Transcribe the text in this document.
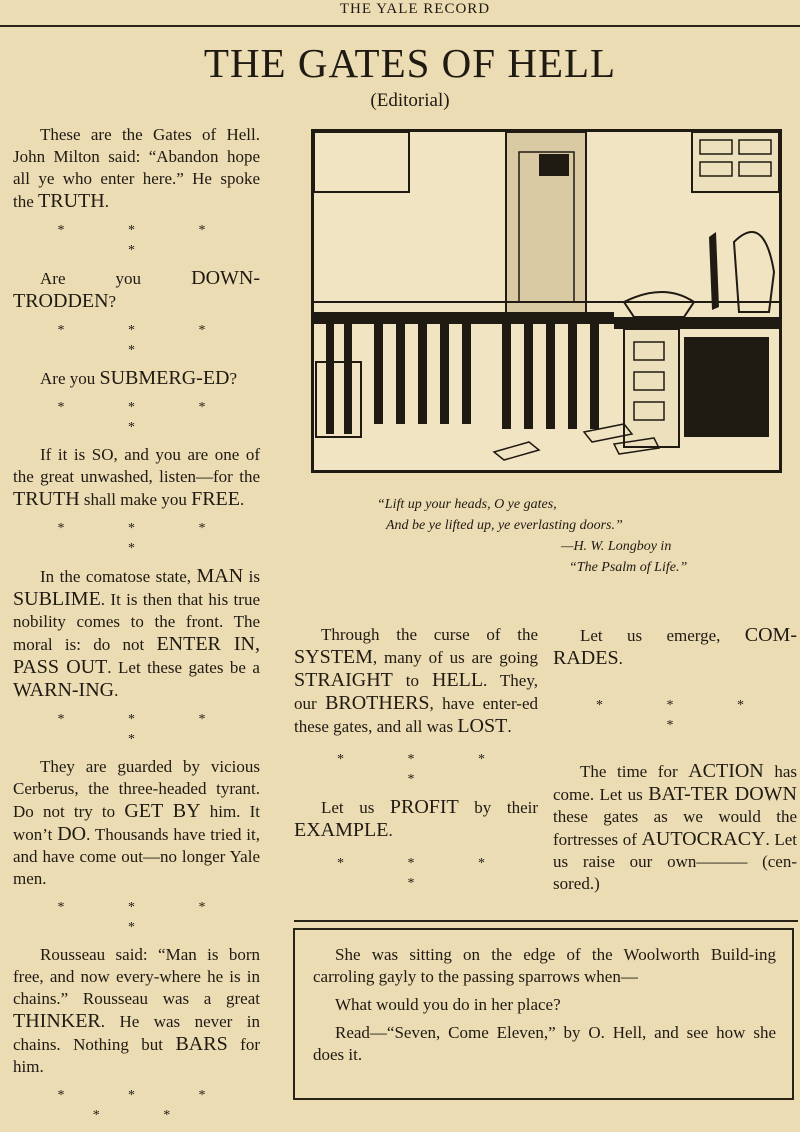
THE YALE RECORD
THE GATES OF HELL
(Editorial)

These are the Gates of Hell. John Milton said: “Abandon hope all ye who enter here.” He spoke the TRUTH.

* * * *

Are you DOWN-TRODDEN?

* * * *

Are you SUBMERG-ED?

* * * *

If it is SO, and you are one of the great unwashed, listen—for the TRUTH shall make you FREE.

* * * *

In the comatose state, MAN is SUBLIME. It is then that his true nobility comes to the front. The moral is: do not ENTER IN, PASS OUT. Let these gates be a WARN-ING.

* * * *

They are guarded by vicious Cerberus, the three-headed tyrant. Do not try to GET BY him. It won’t DO. Thousands have tried it, and have come out—no longer Yale men.

* * * *

Rousseau said: “Man is born free, and now every-where he is in chains.” Rousseau was a great THINKER. He was never in chains. Nothing but BARS for him.

* * * * *
“Lift up your heads, O ye gates,
And be ye lifted up, ye everlasting doors.”
—H. W. Longboy in
“The Psalm of Life.”

Through the curse of the SYSTEM, many of us are going STRAIGHT to HELL. They, our BROTHERS, have enter-ed these gates, and all was LOST.

* * * *

Let us PROFIT by their EXAMPLE.

* * * *

Let us emerge, COM-RADES.

* * * *

The time for ACTION has come. Let us BAT-TER DOWN these gates as we would the fortresses of AUTOCRACY. Let us raise our own——— (cen-sored.)

She was sitting on the edge of the Woolworth Build-ing carroling gayly to the passing sparrows when—

What would you do in her place?

Read—“Seven, Come Eleven,” by O. Hell, and see how she does it.
